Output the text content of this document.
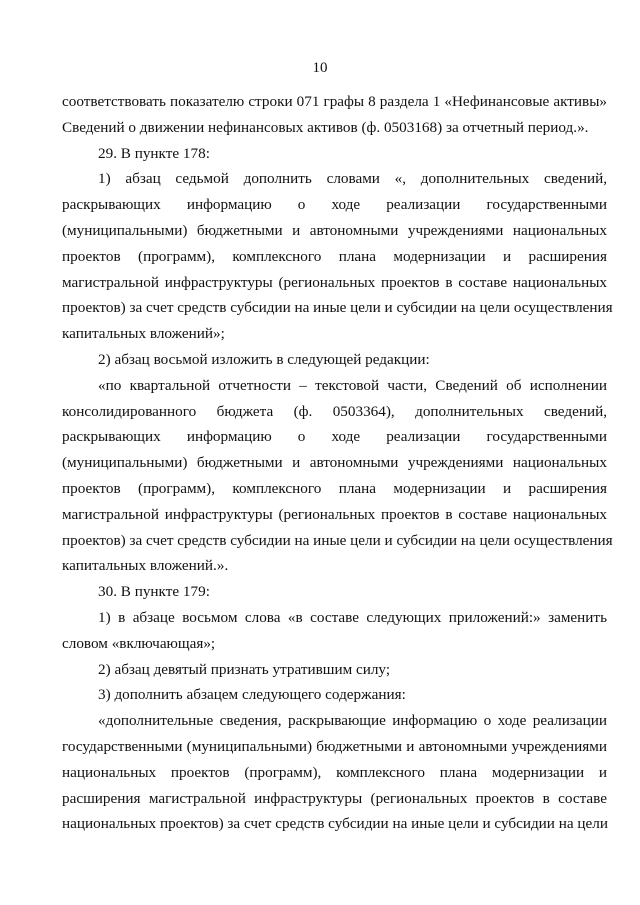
10
соответствовать показателю строки 071 графы 8 раздела 1 «Нефинансовые активы»
Сведений о движении нефинансовых активов (ф. 0503168) за отчетный период.».
29. В пункте 178:
1) абзац седьмой дополнить словами «, дополнительных сведений,
раскрывающих информацию о ходе реализации государственными
(муниципальными) бюджетными и автономными учреждениями национальных
проектов (программ), комплексного плана модернизации и расширения
магистральной инфраструктуры (региональных проектов в составе национальных
проектов) за счет средств субсидии на иные цели и субсидии на цели осуществления
капитальных вложений»;
2) абзац восьмой изложить в следующей редакции:
«по квартальной отчетности – текстовой части, Сведений об исполнении
консолидированного бюджета (ф. 0503364), дополнительных сведений,
раскрывающих информацию о ходе реализации государственными
(муниципальными) бюджетными и автономными учреждениями национальных
проектов (программ), комплексного плана модернизации и расширения
магистральной инфраструктуры (региональных проектов в составе национальных
проектов) за счет средств субсидии на иные цели и субсидии на цели осуществления
капитальных вложений.».
30. В пункте 179:
1) в абзаце восьмом слова «в составе следующих приложений:» заменить
словом «включающая»;
2) абзац девятый признать утратившим силу;
3) дополнить абзацем следующего содержания:
«дополнительные сведения, раскрывающие информацию о ходе реализации
государственными (муниципальными) бюджетными и автономными учреждениями
национальных проектов (программ), комплексного плана модернизации и
расширения магистральной инфраструктуры (региональных проектов в составе
национальных проектов) за счет средств субсидии на иные цели и субсидии на цели
